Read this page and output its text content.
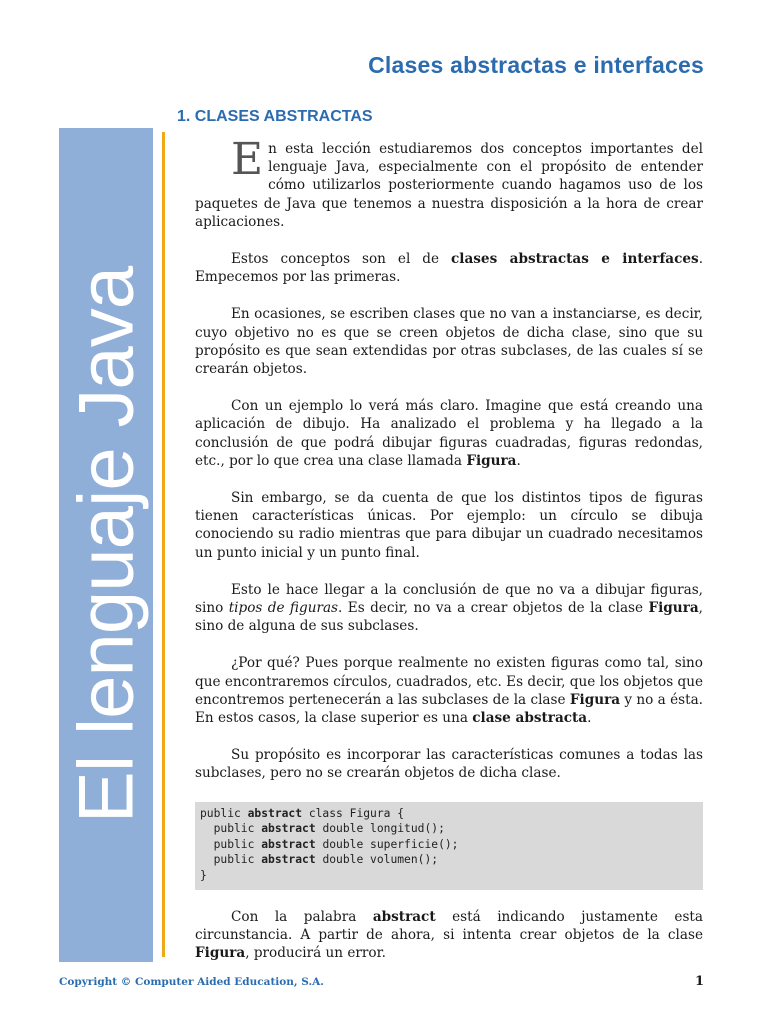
Clases abstractas e interfaces
El lenguaje Java
1. CLASES ABSTRACTAS

En esta lección estudiaremos dos conceptos importantes del lenguaje Java, especialmente con el propósito de entender cómo utilizarlos posteriormente cuando hagamos uso de los paquetes de Java que tenemos a nuestra disposición a la hora de crear aplicaciones.

Estos conceptos son el de clases abstractas e interfaces. Empecemos por las primeras.

En ocasiones, se escriben clases que no van a instanciarse, es decir, cuyo objetivo no es que se creen objetos de dicha clase, sino que su propósito es que sean extendidas por otras subclases, de las cuales sí se crearán objetos.

Con un ejemplo lo verá más claro. Imagine que está creando una aplicación de dibujo. Ha analizado el problema y ha llegado a la conclusión de que podrá dibujar figuras cuadradas, figuras redondas, etc., por lo que crea una clase llamada Figura.

Sin embargo, se da cuenta de que los distintos tipos de figuras tienen características únicas. Por ejemplo: un círculo se dibuja conociendo su radio mientras que para dibujar un cuadrado necesitamos un punto inicial y un punto final.

Esto le hace llegar a la conclusión de que no va a dibujar figuras, sino tipos de figuras. Es decir, no va a crear objetos de la clase Figura, sino de alguna de sus subclases.

¿Por qué? Pues porque realmente no existen figuras como tal, sino que encontraremos círculos, cuadrados, etc. Es decir, que los objetos que encontremos pertenecerán a las subclases de la clase Figura y no a ésta. En estos casos, la clase superior es una clase abstracta.

Su propósito es incorporar las características comunes a todas las subclases, pero no se crearán objetos de dicha clase.

public abstract class Figura {
public abstract double longitud();
public abstract double superficie();
public abstract double volumen();
}

Con la palabra abstract está indicando justamente esta circunstancia. A partir de ahora, si intenta crear objetos de la clase Figura, producirá un error.

Copyright © Computer Aided Education, S.A.	1
